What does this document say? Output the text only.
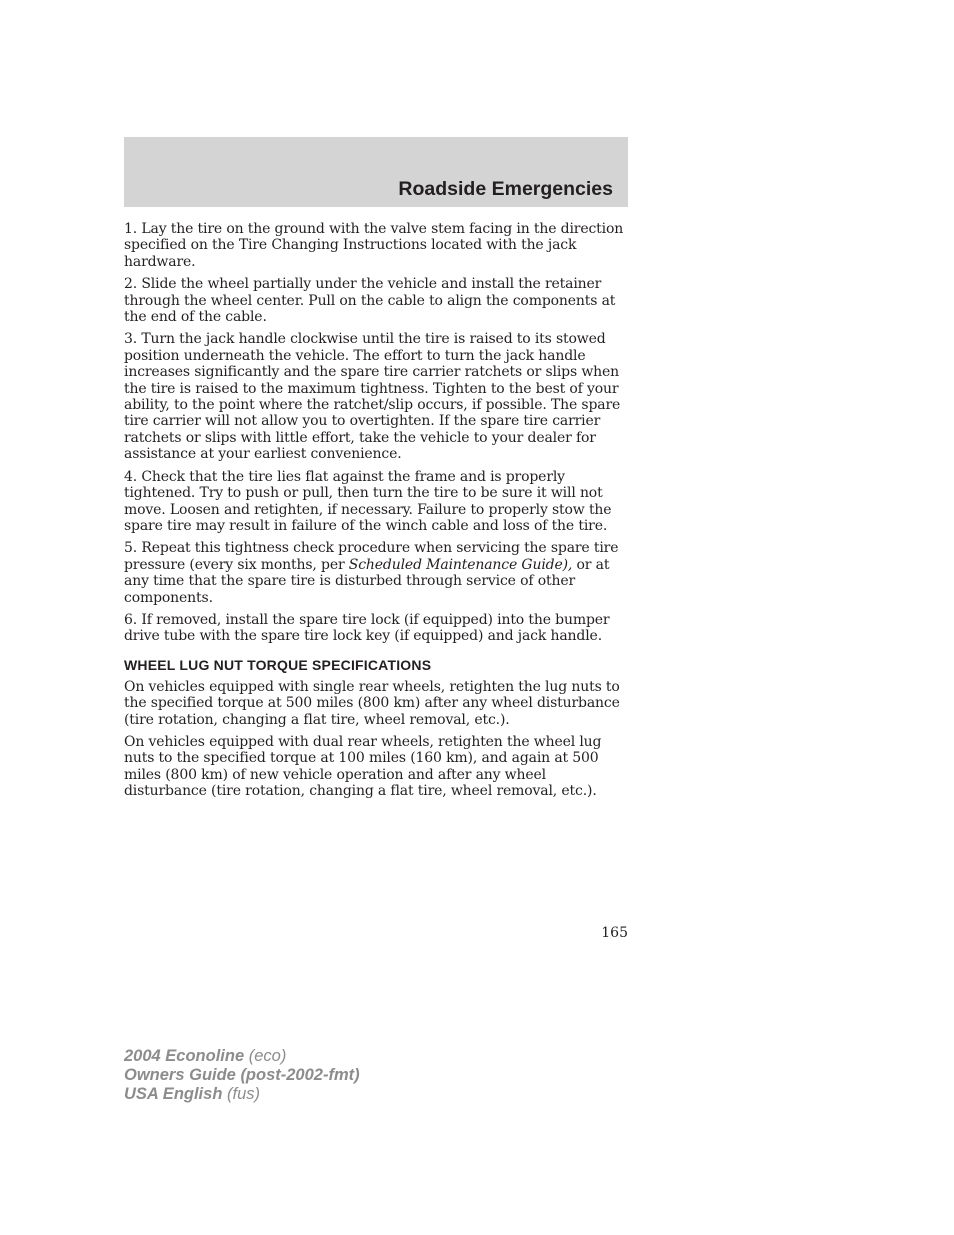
Roadside Emergencies

1. Lay the tire on the ground with the valve stem facing in the direction specified on the Tire Changing Instructions located with the jack hardware.

2. Slide the wheel partially under the vehicle and install the retainer through the wheel center. Pull on the cable to align the components at the end of the cable.

3. Turn the jack handle clockwise until the tire is raised to its stowed position underneath the vehicle. The effort to turn the jack handle increases significantly and the spare tire carrier ratchets or slips when the tire is raised to the maximum tightness. Tighten to the best of your ability, to the point where the ratchet/slip occurs, if possible. The spare tire carrier will not allow you to overtighten. If the spare tire carrier ratchets or slips with little effort, take the vehicle to your dealer for assistance at your earliest convenience.

4. Check that the tire lies flat against the frame and is properly tightened. Try to push or pull, then turn the tire to be sure it will not move. Loosen and retighten, if necessary. Failure to properly stow the spare tire may result in failure of the winch cable and loss of the tire.

5. Repeat this tightness check procedure when servicing the spare tire pressure (every six months, per Scheduled Maintenance Guide), or at any time that the spare tire is disturbed through service of other components.

6. If removed, install the spare tire lock (if equipped) into the bumper drive tube with the spare tire lock key (if equipped) and jack handle.

WHEEL LUG NUT TORQUE SPECIFICATIONS

On vehicles equipped with single rear wheels, retighten the lug nuts to the specified torque at 500 miles (800 km) after any wheel disturbance (tire rotation, changing a flat tire, wheel removal, etc.).

On vehicles equipped with dual rear wheels, retighten the wheel lug nuts to the specified torque at 100 miles (160 km), and again at 500 miles (800 km) of new vehicle operation and after any wheel disturbance (tire rotation, changing a flat tire, wheel removal, etc.).

165
2004 Econoline (eco)
Owners Guide (post-2002-fmt)
USA English (fus)
